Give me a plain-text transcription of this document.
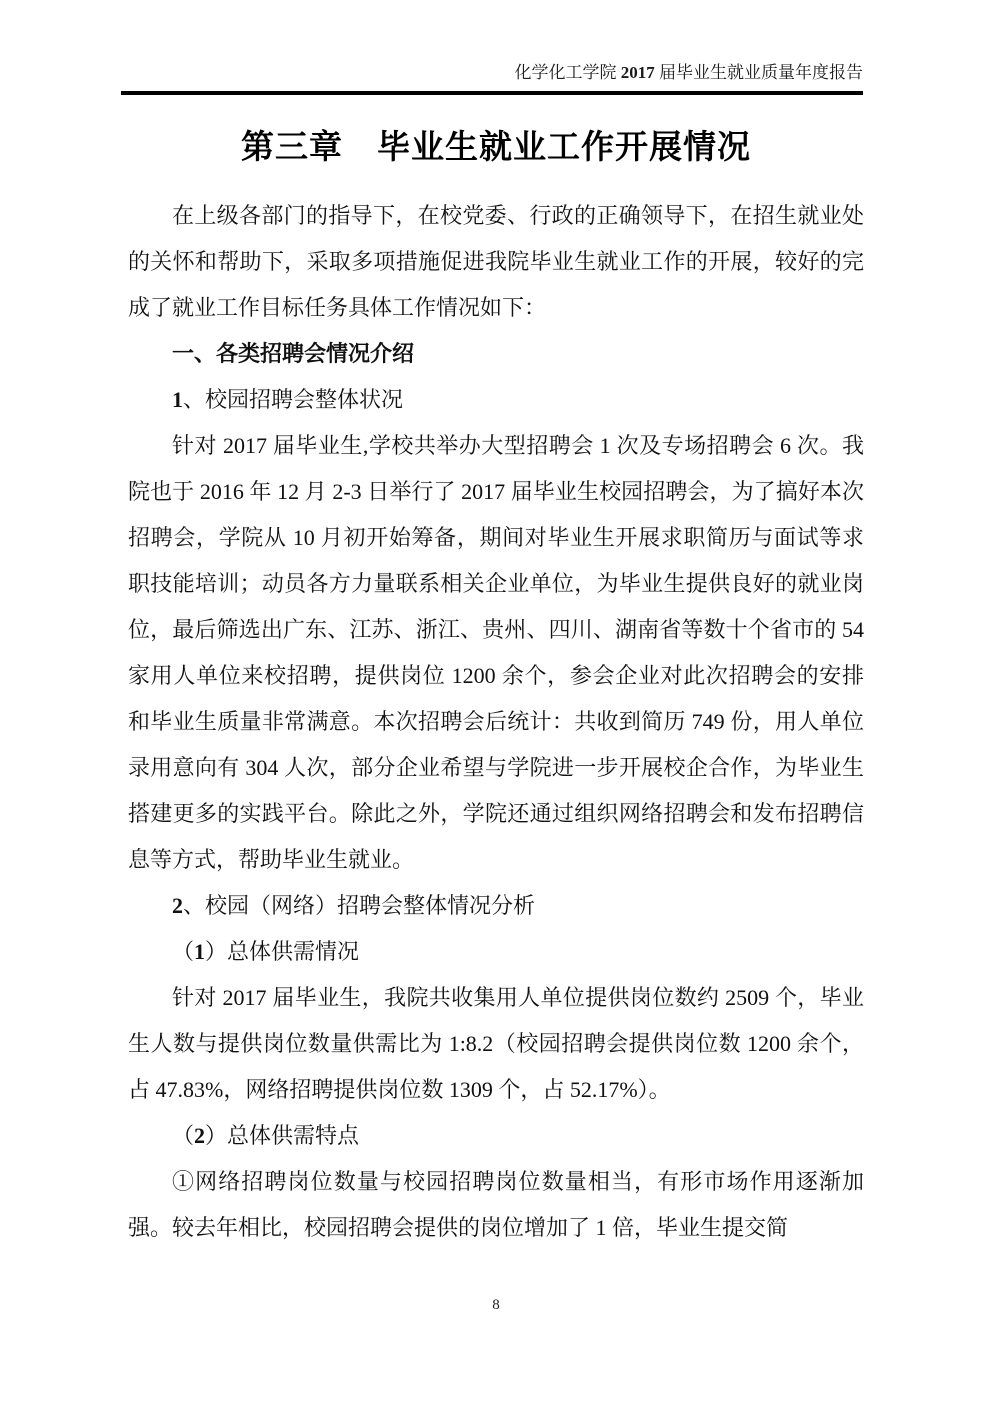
化学化工学院 2017 届毕业生就业质量年度报告
第三章　毕业生就业工作开展情况

在上级各部门的指导下，在校党委、行政的正确领导下，在招生就业处的关怀和帮助下，采取多项措施促进我院毕业生就业工作的开展，较好的完成了就业工作目标任务具体工作情况如下：

一、各类招聘会情况介绍

1、校园招聘会整体状况

针对 2017 届毕业生,学校共举办大型招聘会 1 次及专场招聘会 6 次。我院也于 2016 年 12 月 2-3 日举行了 2017 届毕业生校园招聘会，为了搞好本次招聘会，学院从 10 月初开始筹备，期间对毕业生开展求职简历与面试等求职技能培训；动员各方力量联系相关企业单位，为毕业生提供良好的就业岗位，最后筛选出广东、江苏、浙江、贵州、四川、湖南省等数十个省市的 54 家用人单位来校招聘，提供岗位 1200 余个，参会企业对此次招聘会的安排和毕业生质量非常满意。本次招聘会后统计：共收到简历 749 份，用人单位录用意向有 304 人次，部分企业希望与学院进一步开展校企合作，为毕业生搭建更多的实践平台。除此之外，学院还通过组织网络招聘会和发布招聘信息等方式，帮助毕业生就业。

2、校园（网络）招聘会整体情况分析

（1）总体供需情况

针对 2017 届毕业生，我院共收集用人单位提供岗位数约 2509 个，毕业生人数与提供岗位数量供需比为 1:8.2（校园招聘会提供岗位数 1200 余个，占 47.83%，网络招聘提供岗位数 1309 个，占 52.17%）。

（2）总体供需特点

①网络招聘岗位数量与校园招聘岗位数量相当，有形市场作用逐渐加强。较去年相比，校园招聘会提供的岗位增加了 1 倍，毕业生提交简

8
